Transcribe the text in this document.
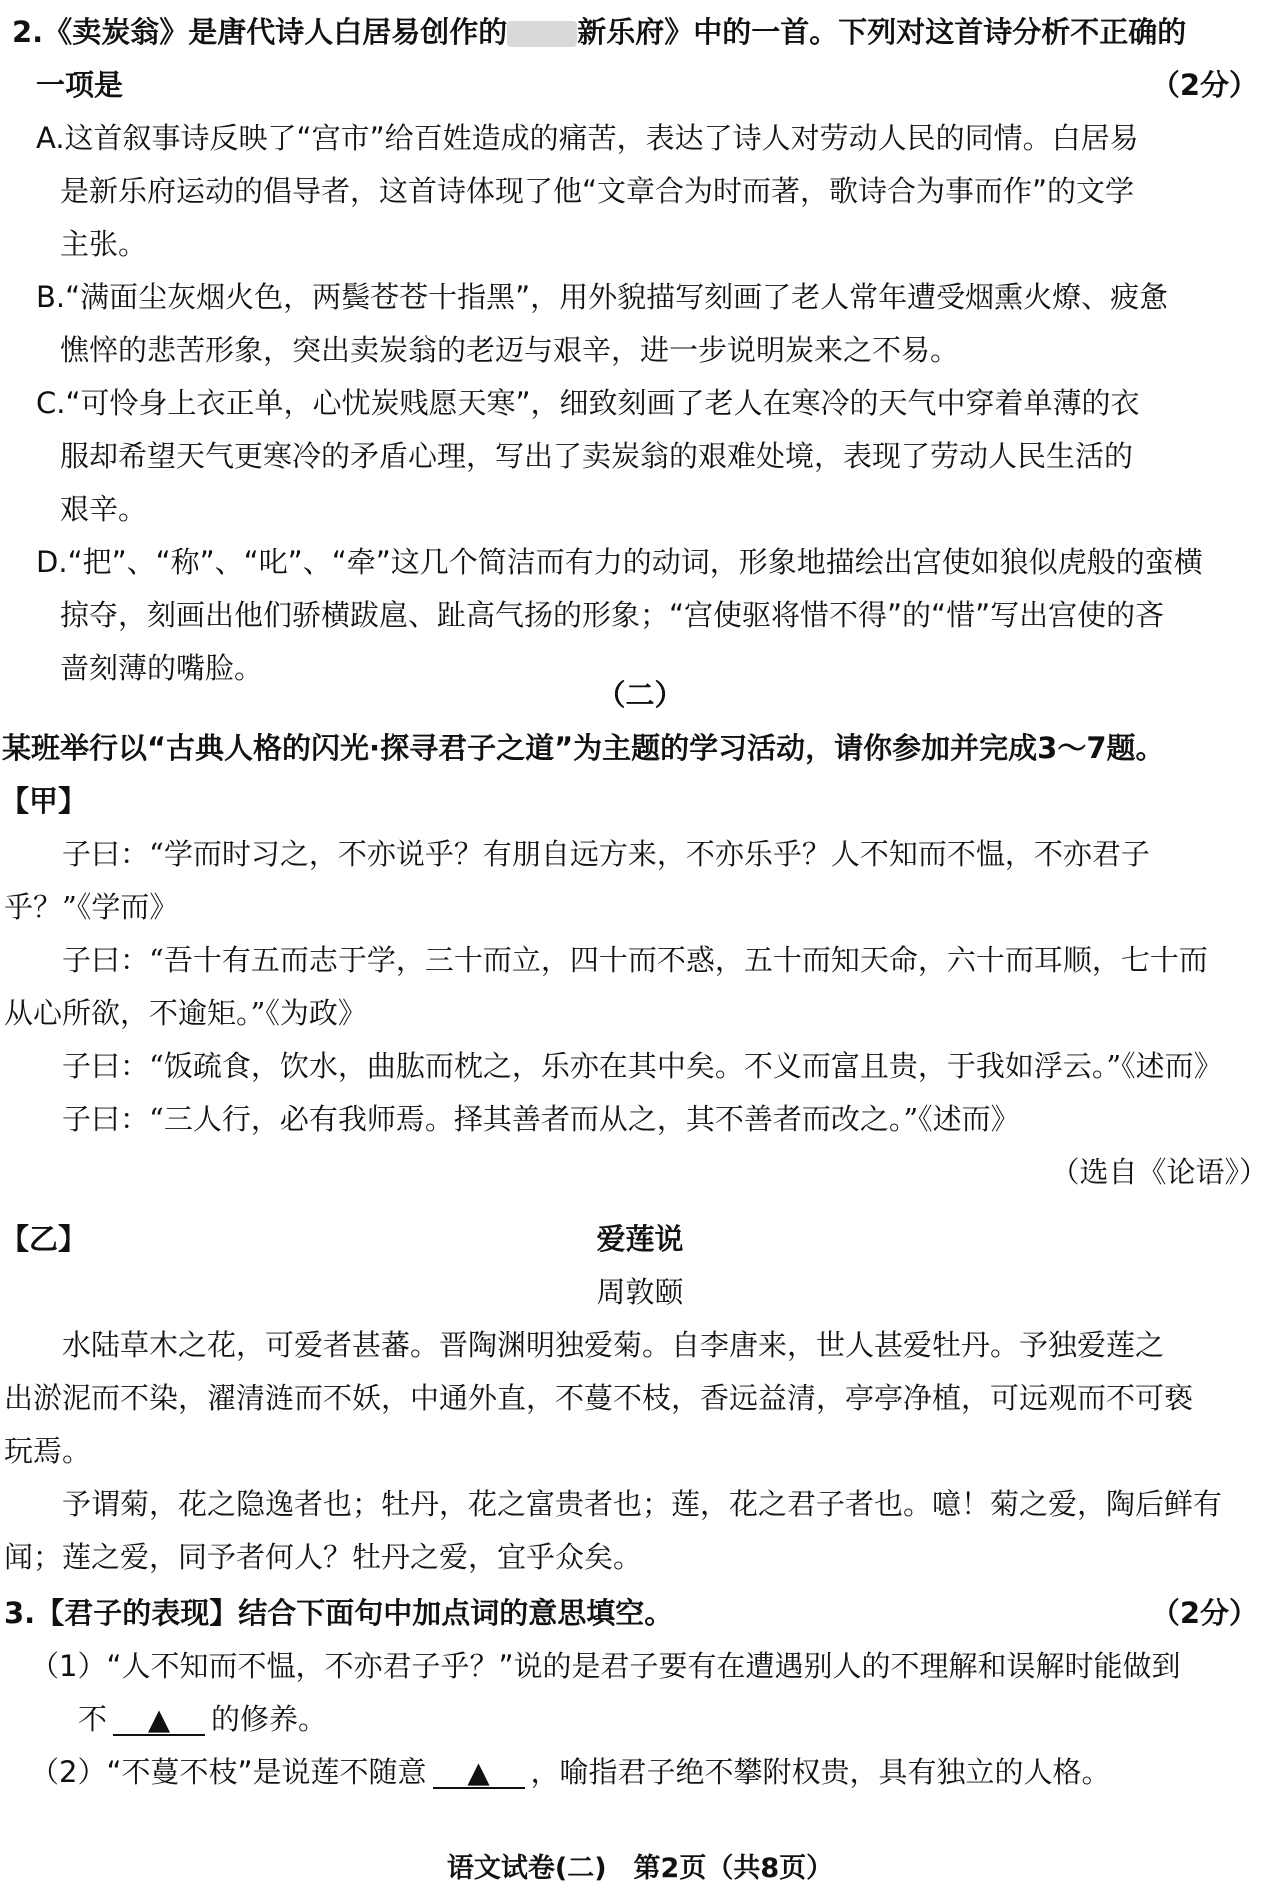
2.《卖炭翁》是唐代诗人白居易创作的 新乐府》中的一首。下列对这首诗分析不正确的
一项是	（2分）
A.这首叙事诗反映了“宫市”给百姓造成的痛苦，表达了诗人对劳动人民的同情。白居易
是新乐府运动的倡导者，这首诗体现了他“文章合为时而著，歌诗合为事而作”的文学
主张。
B.“满面尘灰烟火色，两鬓苍苍十指黑”，用外貌描写刻画了老人常年遭受烟熏火燎、疲惫
憔悴的悲苦形象，突出卖炭翁的老迈与艰辛，进一步说明炭来之不易。
C.“可怜身上衣正单，心忧炭贱愿天寒”，细致刻画了老人在寒冷的天气中穿着单薄的衣
服却希望天气更寒冷的矛盾心理，写出了卖炭翁的艰难处境，表现了劳动人民生活的
艰辛。
D.“把”、“称”、“叱”、“牵”这几个简洁而有力的动词，形象地描绘出宫使如狼似虎般的蛮横
掠夺，刻画出他们骄横跋扈、趾高气扬的形象；“宫使驱将惜不得”的“惜”写出宫使的吝
啬刻薄的嘴脸。
（二）
某班举行以“古典人格的闪光·探寻君子之道”为主题的学习活动，请你参加并完成3～7题。
【甲】
子曰：“学而时习之，不亦说乎？有朋自远方来，不亦乐乎？人不知而不愠，不亦君子
乎？”《学而》
子曰：“吾十有五而志于学，三十而立，四十而不惑，五十而知天命，六十而耳顺，七十而
从心所欲，不逾矩。”《为政》
子曰：“饭疏食，饮水，曲肱而枕之，乐亦在其中矣。不义而富且贵，于我如浮云。”《述而》
子曰：“三人行，必有我师焉。择其善者而从之，其不善者而改之。”《述而》
（选自《论语》）
【乙】	爱莲说
周敦颐
水陆草木之花，可爱者甚蕃。晋陶渊明独爱菊。自李唐来，世人甚爱牡丹。予独爱莲之
出淤泥而不染，濯清涟而不妖，中通外直，不蔓不枝，香远益清，亭亭净植，可远观而不可亵
玩焉。
予谓菊，花之隐逸者也；牡丹，花之富贵者也；莲，花之君子者也。噫！菊之爱，陶后鲜有
闻；莲之爱，同予者何人？牡丹之爱，宜乎众矣。
3.【君子的表现】结合下面句中加点词的意思填空。	（2分）
（1）“人不知而不愠，不亦君子乎？”说的是君子要有在遭遇别人的不理解和误解时能做到
不 ▲ 的修养。
（2）“不蔓不枝”是说莲不随意 ▲ ，喻指君子绝不攀附权贵，具有独立的人格。
语文试卷(二)　第2页（共8页）
